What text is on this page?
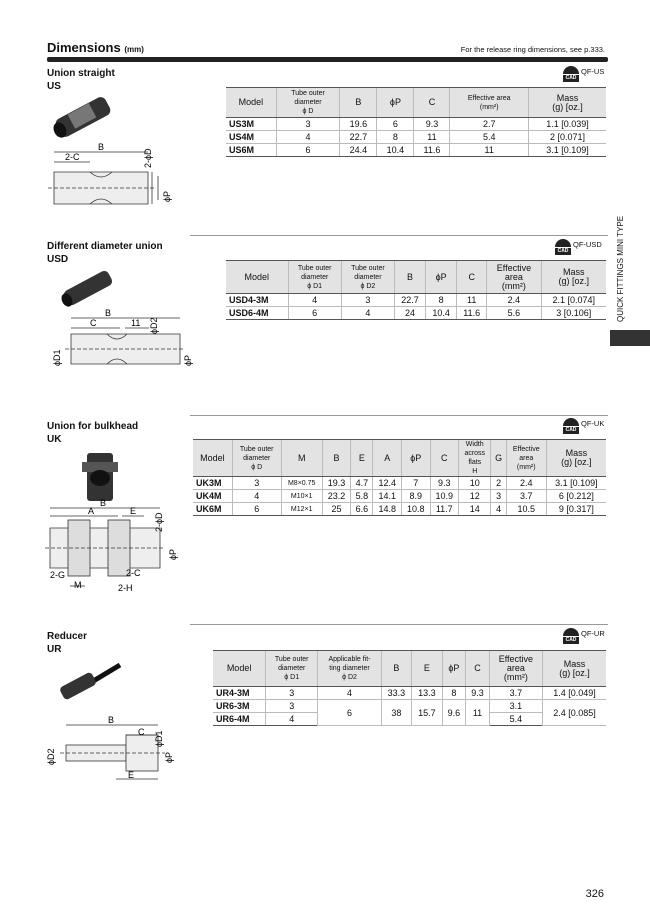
Dimensions (mm)	For the release ring dimensions, see p.333.
QUICK FITTINGS MINI TYPE
Union straight
US
CAD
QF-US
Model	Tube outer
diameter
ϕ D	B	ϕP	C	Effective area
(mm²)	Mass
(g) [oz.]
US3M	3	19.6	6	9.3	2.7	1.1 [0.039]
US4M	4	22.7	8	11	5.4	2 [0.071]
US6M	6	24.4	10.4	11.6	11	3.1 [0.109]
B
2-C	2-ϕD
ϕP
Different diameter union
USD
CAD
QF-USD
Model	Tube outer
diameter
ϕ D1	Tube outer
diameter
ϕ D2	B	ϕP	C	Effective
area
(mm²)	Mass
(g) [oz.]
USD4-3M	4	3	22.7	8	11	2.4	2.1 [0.074]
USD6-4M	6	4	24	10.4	11.6	5.6	3 [0.106]
B
C	11 ϕD2
ϕD1	ϕP
Union for bulkhead
UK
CAD
QF-UK
Model	Tube outer
diameter
ϕ D	M	B	E	A	ϕP	C	Width
across
flats
H	G	Effective
area
(mm²)	Mass
(g) [oz.]
UK3M	3	M8×0.75	19.3	4.7	12.4	7	9.3	10	2	2.4	3.1 [0.109]
UK4M	4	M10×1	23.2	5.8	14.1	8.9	10.9	12	3	3.7	6 [0.212]
UK6M	6	M12×1	25	6.6	14.8	10.8	11.7	14	4	10.5	9 [0.317]
B
A	E
2-ϕD
ϕP
2-G	2-C
M	2-H
Reducer
UR
CAD
QF-UR
Model	Tube outer
diameter
ϕ D1	Applicable fit-
ting diameter
ϕ D2	B	E	ϕP	C	Effective
area
(mm²)	Mass
(g) [oz.]
UR4-3M	3	4	33.3	13.3	8	9.3	3.7	1.4 [0.049]
UR6-3M	3	6	38	15.7	9.6	11	3.1	2.4 [0.085]
UR6-4M	4						5.4	
B
C ϕD1
ϕD2	ϕP
E
326
